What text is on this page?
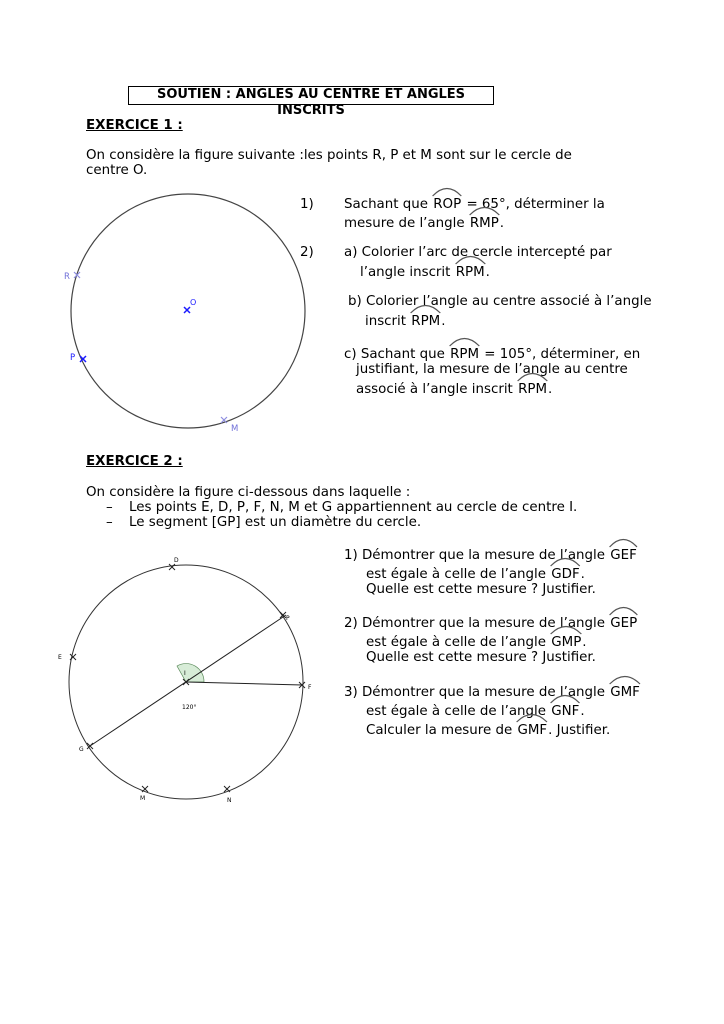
SOUTIEN : ANGLES AU CENTRE ET ANGLES INSCRITS
EXERCICE 1 :
On considère la figure suivante :les points R, P et M sont sur le cercle de
centre O.
R
O
P
M
1) Sachant que ROP = 65°, déterminer la
mesure de l’angle RMP
.
2) a) Colorier l’arc de cercle intercepté par
l’angle inscrit RPM
.
b) Colorier l’angle au centre associé à l’angle
inscrit RPM
.
c) Sachant que RPM = 105°, déterminer, en
justifiant, la mesure de l’angle au centre
associé à l’angle inscrit RPM
.
EXERCICE 2 :
On considère la figure ci-dessous dans laquelle :
– Les points E, D, P, F, N, M et G appartiennent au cercle de centre I.
– Le segment [GP] est un diamètre du cercle.
D
P
E
I
F
G
M	N
120°
1) Démontrer que la mesure de l’angle GEF
est égale à celle de l’angle GDF
.
Quelle est cette mesure ? Justifier.
2) Démontrer que la mesure de l’angle GEP
est égale à celle de l’angle GMP
.
Quelle est cette mesure ? Justifier.
3) Démontrer que la mesure de l’angle GMF
est égale à celle de l’angle GNF
.
Calculer la mesure de GMF
. Justifier.
